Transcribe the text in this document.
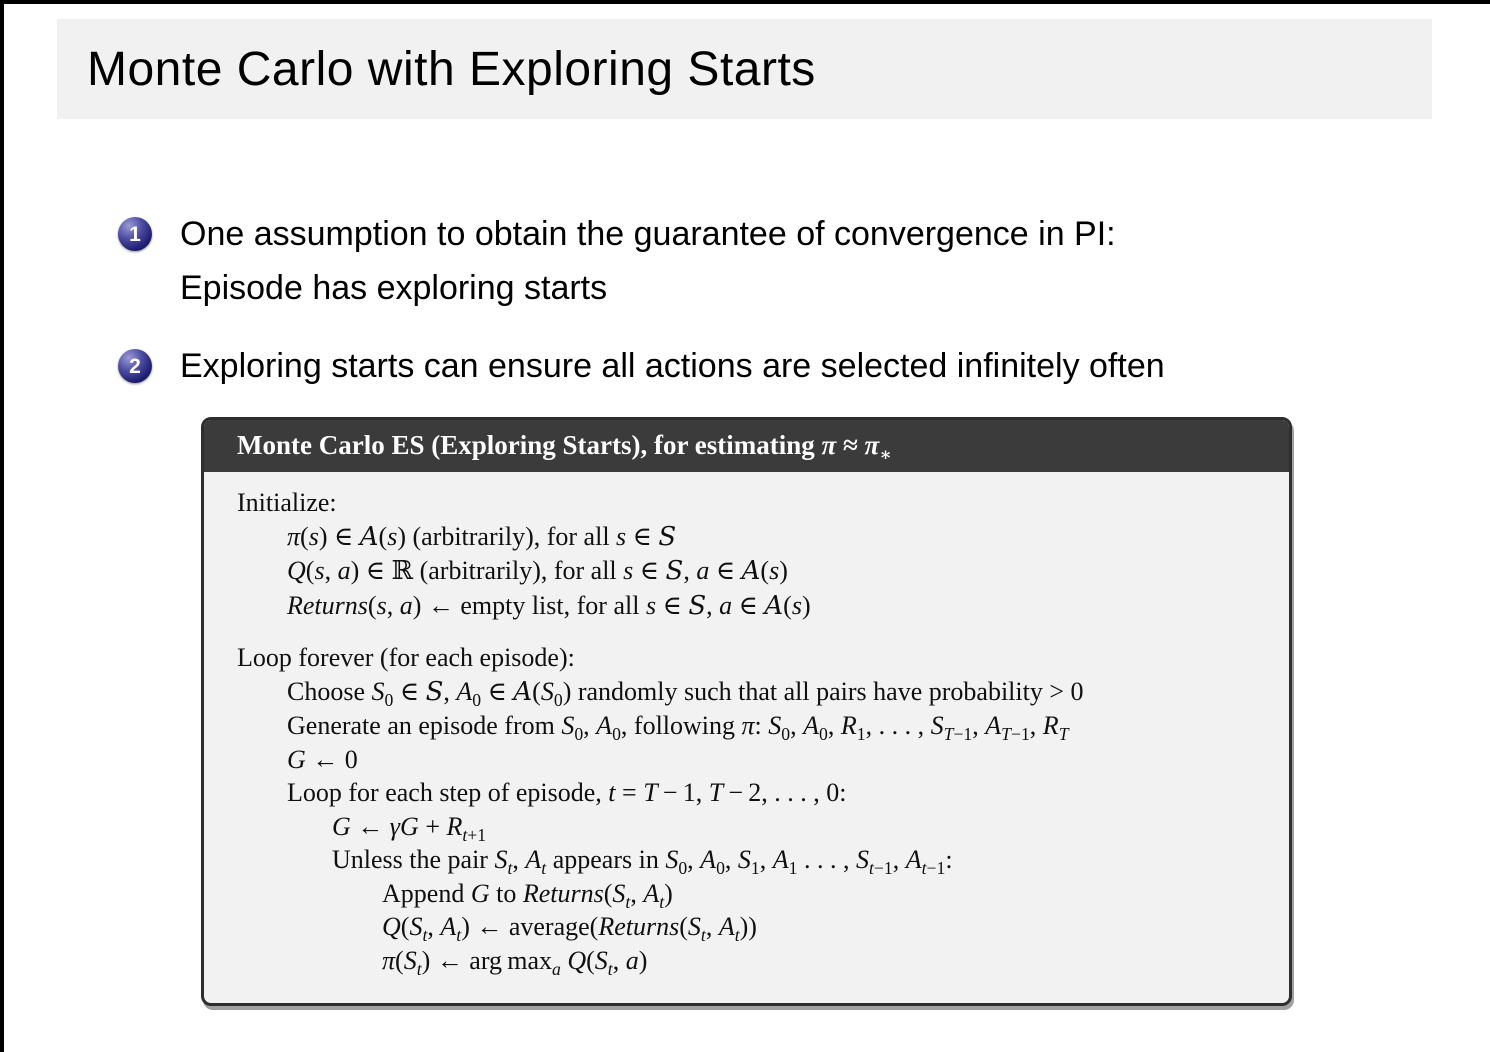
Monte Carlo with Exploring Starts
1 One assumption to obtain the guarantee of convergence in PI:
Episode has exploring starts
2 Exploring starts can ensure all actions are selected infinitely often
Monte Carlo ES (Exploring Starts), for estimating $\pi \approx \pi_∗$
Initialize:
π(s) ∈ A(s) (arbitrarily), for all s ∈ S
Q(s, a) ∈ ℝ (arbitrarily), for all s ∈ S, a ∈ A(s)
Returns(s, a) ← empty list, for all s ∈ S, a ∈ A(s)
Loop forever (for each episode):
Choose $S_0$ ∈ S, $A_0$ ∈ $A(S_0)$ randomly such that all pairs have probability > 0
Generate an episode from $S_0$, $A_0$, following π: $S_0$, $A_0$, $R_1$, . . . , $S_{T-1}$, $A_{T-1}$, $R_T$
G ← 0
Loop for each step of episode, t = T − 1, T − 2, . . . , 0:
G ← $\gamma G + R_{t+1}$
Unless the pair $S_t$, $A_t$ appears in $S_0$, $A_0$, $S_1$, $A_1$ . . . , $S_{t-1}$, $A_{t-1}$:
Append G to $Returns(S_t$, $A_t$)
$Q(S_t$, $A_t$) ← $average(Returns(S_t$, $A_t$))
$\pi(S_t)$ ← arg $\max_a Q(S_t$, a)
